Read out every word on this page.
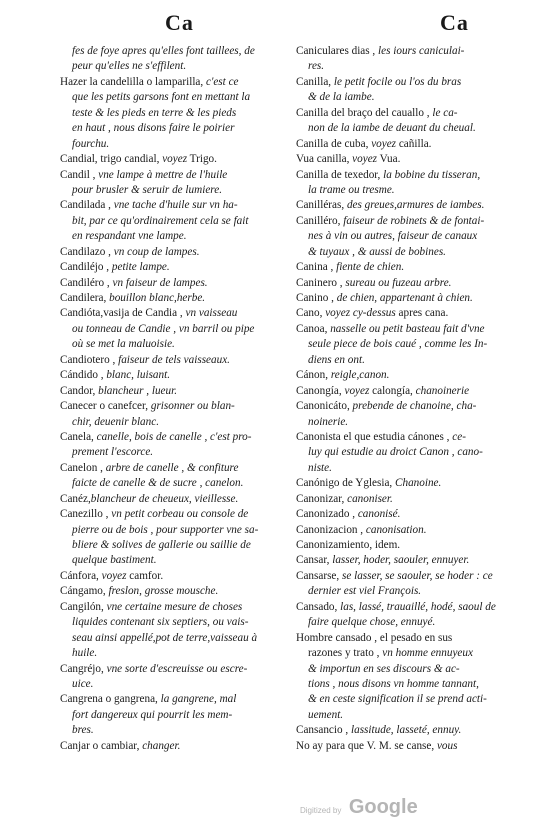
Ca	Ca
fes de foye apres qu'elles font taillees, de
peur qu'elles ne s'effilent.
Hazer la candelilla o lamparilla, c'est ce
que les petits garsons font en mettant la
teste & les pieds en terre & les pieds
en haut , nous disons faire le poirier
fourchu.
Candial, trigo candial, voyez Trigo.
Candil , vne lampe à mettre de l'huile
pour brusler & seruir de lumiere.
Candilada , vne tache d'huile sur vn ha-
bit, par ce qu'ordinairement cela se fait
en respandant vne lampe.
Candilazo , vn coup de lampes.
Candiléjo , petite lampe.
Candiléro , vn faiseur de lampes.
Candilera, bouillon blanc,herbe.
Candióta,vasija de Candia , vn vaisseau
ou tonneau de Candie , vn barril ou pipe
où se met la maluoisie.
Candiotero , faiseur de tels vaisseaux.
Cándido , blanc, luisant.
Candor, blancheur , lueur.
Canecer o canefcer, grisonner ou blan-
chir, deuenir blanc.
Canela, canelle, bois de canelle , c'est pro-
prement l'escorce.
Canelon , arbre de canelle , & confiture
faicte de canelle & de sucre , canelon.
Canéz,blancheur de cheueux, vieillesse.
Canezillo , vn petit corbeau ou console de
pierre ou de bois , pour supporter vne sa-
bliere & solives de gallerie ou saillie de
quelque bastiment.
Cánfora, voyez camfor.
Cángamo, freslon, grosse mousche.
Cangilón, vne certaine mesure de choses
liquides contenant six septiers, ou vais-
seau ainsi appellé,pot de terre,vaisseau à
huile.
Cangréjo, vne sorte d'escreuisse ou escre-
uice.
Cangrena o gangrena, la gangrene, mal
fort dangereux qui pourrit les mem-
bres.
Canjar o cambiar, changer.
Caniculares dias , les iours caniculai-
res.
Canilla, le petit focile ou l'os du bras
& de la iambe.
Canilla del braço del cauallo , le ca-
non de la iambe de deuant du cheual.
Canilla de cuba, voyez cañilla.
Vua canilla, voyez Vua.
Canilla de texedor, la bobine du tisseran,
la trame ou tresme.
Canilléras, des greues,armures de iambes.
Canilléro, faiseur de robinets & de fontai-
nes à vin ou autres, faiseur de canaux
& tuyaux , & aussi de bobines.
Canina , fiente de chien.
Caninero , sureau ou fuzeau arbre.
Canino , de chien, appartenant à chien.
Cano, voyez cy-dessus apres cana.
Canoa, nasselle ou petit basteau fait d'vne
seule piece de bois caué , comme les In-
diens en ont.
Cánon, reigle,canon.
Canongía, voyez calongía, chanoinerie
Canonicáto, prebende de chanoine, cha-
noinerie.
Canonista el que estudia cánones , ce-
luy qui estudie au droict Canon , cano-
niste.
Canónigo de Yglesia, Chanoine.
Canonizar, canoniser.
Canonizado , canonisé.
Canonizacion , canonisation.
Canonizamiento, idem.
Cansar, lasser, hoder, saouler, ennuyer.
Cansarse, se lasser, se saouler, se hoder : ce
dernier est viel François.
Cansado, las, lassé, trauaillé, hodé, saoul de
faire quelque chose, ennuyé.
Hombre cansado , el pesado en sus
razones y trato , vn homme ennuyeux
& importun en ses discours & ac-
tions , nous disons vn homme tannant,
& en ceste signification il se prend acti-
uement.
Cansancio , lassitude, lasseté, ennuy.
No ay para que V. M. se canse, vous
Digitized by Google
